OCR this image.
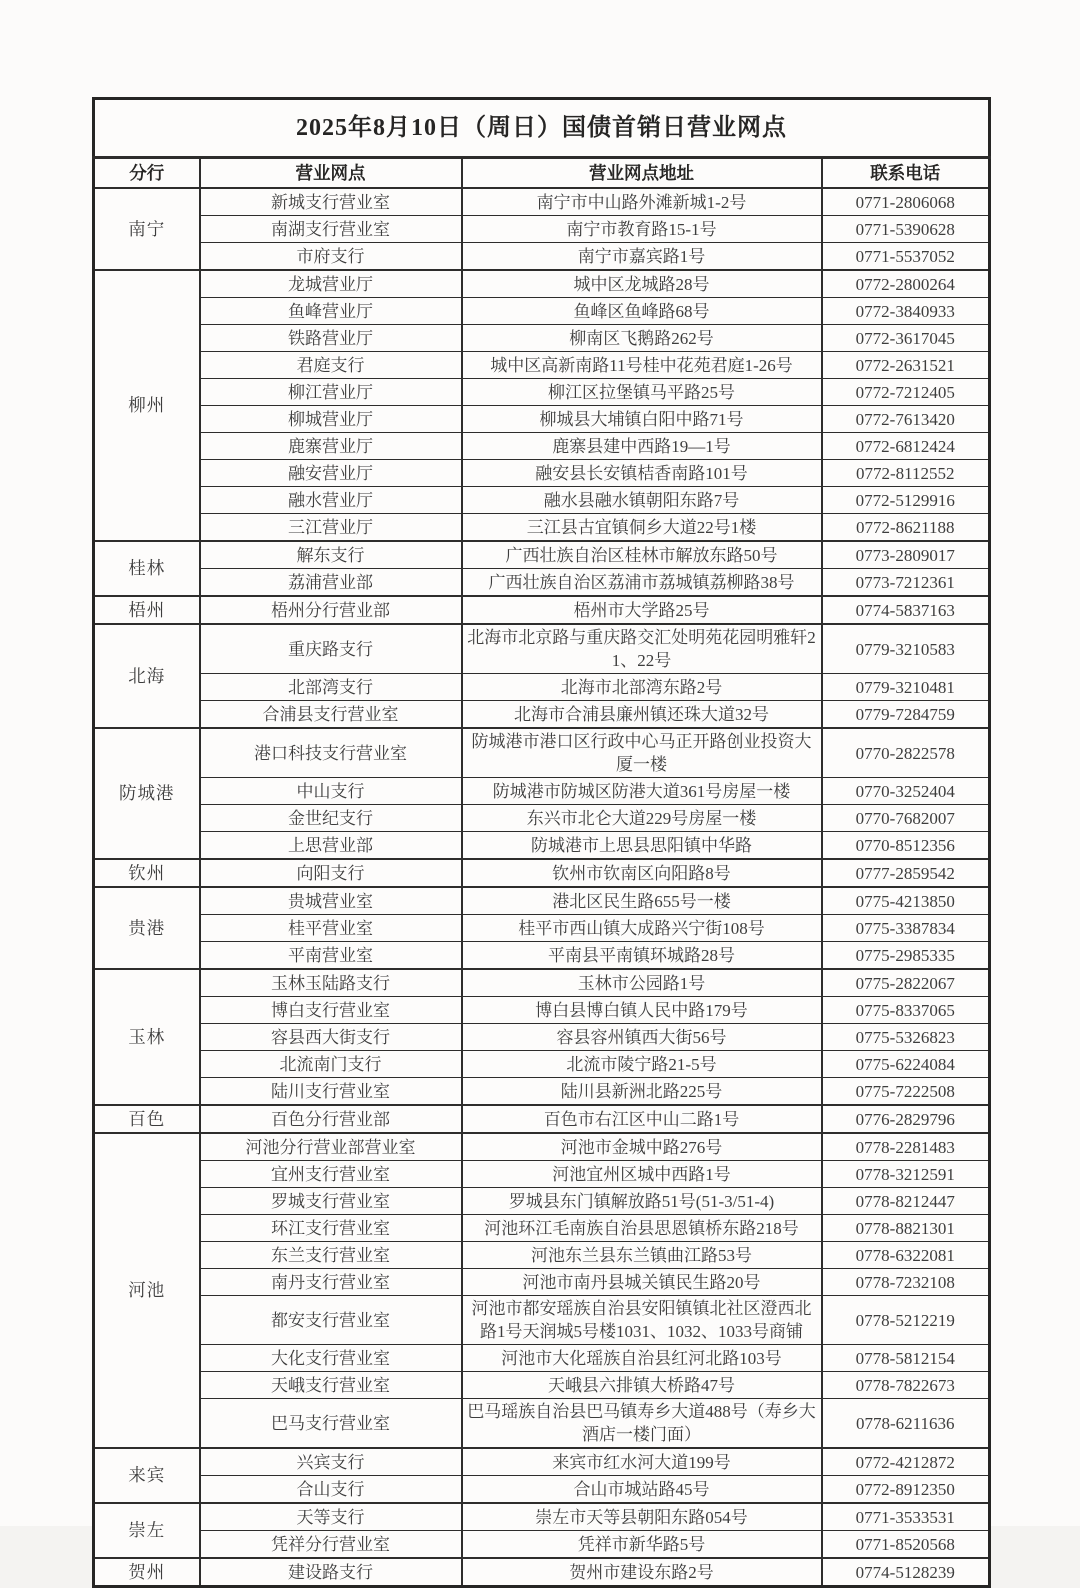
2025年8月10日（周日）国债首销日营业网点			
分行	营业网点	营业网点地址	联系电话
南宁	新城支行营业室	南宁市中山路外滩新城1-2号	0771-2806068
	南湖支行营业室	南宁市教育路15-1号	0771-5390628
	市府支行	南宁市嘉宾路1号	0771-5537052
柳州	龙城营业厅	城中区龙城路28号	0772-2800264
	鱼峰营业厅	鱼峰区鱼峰路68号	0772-3840933
	铁路营业厅	柳南区飞鹅路262号	0772-3617045
	君庭支行	城中区高新南路11号桂中花苑君庭1-26号	0772-2631521
	柳江营业厅	柳江区拉堡镇马平路25号	0772-7212405
	柳城营业厅	柳城县大埔镇白阳中路71号	0772-7613420
	鹿寨营业厅	鹿寨县建中西路19—1号	0772-6812424
	融安营业厅	融安县长安镇桔香南路101号	0772-8112552
	融水营业厅	融水县融水镇朝阳东路7号	0772-5129916
	三江营业厅	三江县古宜镇侗乡大道22号1楼	0772-8621188
桂林	解东支行	广西壮族自治区桂林市解放东路50号	0773-2809017
	荔浦营业部	广西壮族自治区荔浦市荔城镇荔柳路38号	0773-7212361
梧州	梧州分行营业部	梧州市大学路25号	0774-5837163
北海	重庆路支行	北海市北京路与重庆路交汇处明苑花园明雅轩21、22号	0779-3210583
	北部湾支行	北海市北部湾东路2号	0779-3210481
	合浦县支行营业室	北海市合浦县廉州镇还珠大道32号	0779-7284759
防城港	港口科技支行营业室	防城港市港口区行政中心马正开路创业投资大厦一楼	0770-2822578
	中山支行	防城港市防城区防港大道361号房屋一楼	0770-3252404
	金世纪支行	东兴市北仑大道229号房屋一楼	0770-7682007
	上思营业部	防城港市上思县思阳镇中华路	0770-8512356
钦州	向阳支行	钦州市钦南区向阳路8号	0777-2859542
贵港	贵城营业室	港北区民生路655号一楼	0775-4213850
	桂平营业室	桂平市西山镇大成路兴宁街108号	0775-3387834
	平南营业室	平南县平南镇环城路28号	0775-2985335
玉林	玉林玉陆路支行	玉林市公园路1号	0775-2822067
	博白支行营业室	博白县博白镇人民中路179号	0775-8337065
	容县西大街支行	容县容州镇西大街56号	0775-5326823
	北流南门支行	北流市陵宁路21-5号	0775-6224084
	陆川支行营业室	陆川县新洲北路225号	0775-7222508
百色	百色分行营业部	百色市右江区中山二路1号	0776-2829796
河池	河池分行营业部营业室	河池市金城中路276号	0778-2281483
	宜州支行营业室	河池宜州区城中西路1号	0778-3212591
	罗城支行营业室	罗城县东门镇解放路51号(51-3/51-4)	0778-8212447
	环江支行营业室	河池环江毛南族自治县思恩镇桥东路218号	0778-8821301
	东兰支行营业室	河池东兰县东兰镇曲江路53号	0778-6322081
	南丹支行营业室	河池市南丹县城关镇民生路20号	0778-7232108
	都安支行营业室	河池市都安瑶族自治县安阳镇镇北社区澄西北路1号天润城5号楼1031、1032、1033号商铺	0778-5212219
	大化支行营业室	河池市大化瑶族自治县红河北路103号	0778-5812154
	天峨支行营业室	天峨县六排镇大桥路47号	0778-7822673
	巴马支行营业室	巴马瑶族自治县巴马镇寿乡大道488号（寿乡大酒店一楼门面）	0778-6211636
来宾	兴宾支行	来宾市红水河大道199号	0772-4212872
	合山支行	合山市城站路45号	0772-8912350
崇左	天等支行	崇左市天等县朝阳东路054号	0771-3533531
	凭祥分行营业室	凭祥市新华路5号	0771-8520568
贺州	建设路支行	贺州市建设东路2号	0774-5128239
